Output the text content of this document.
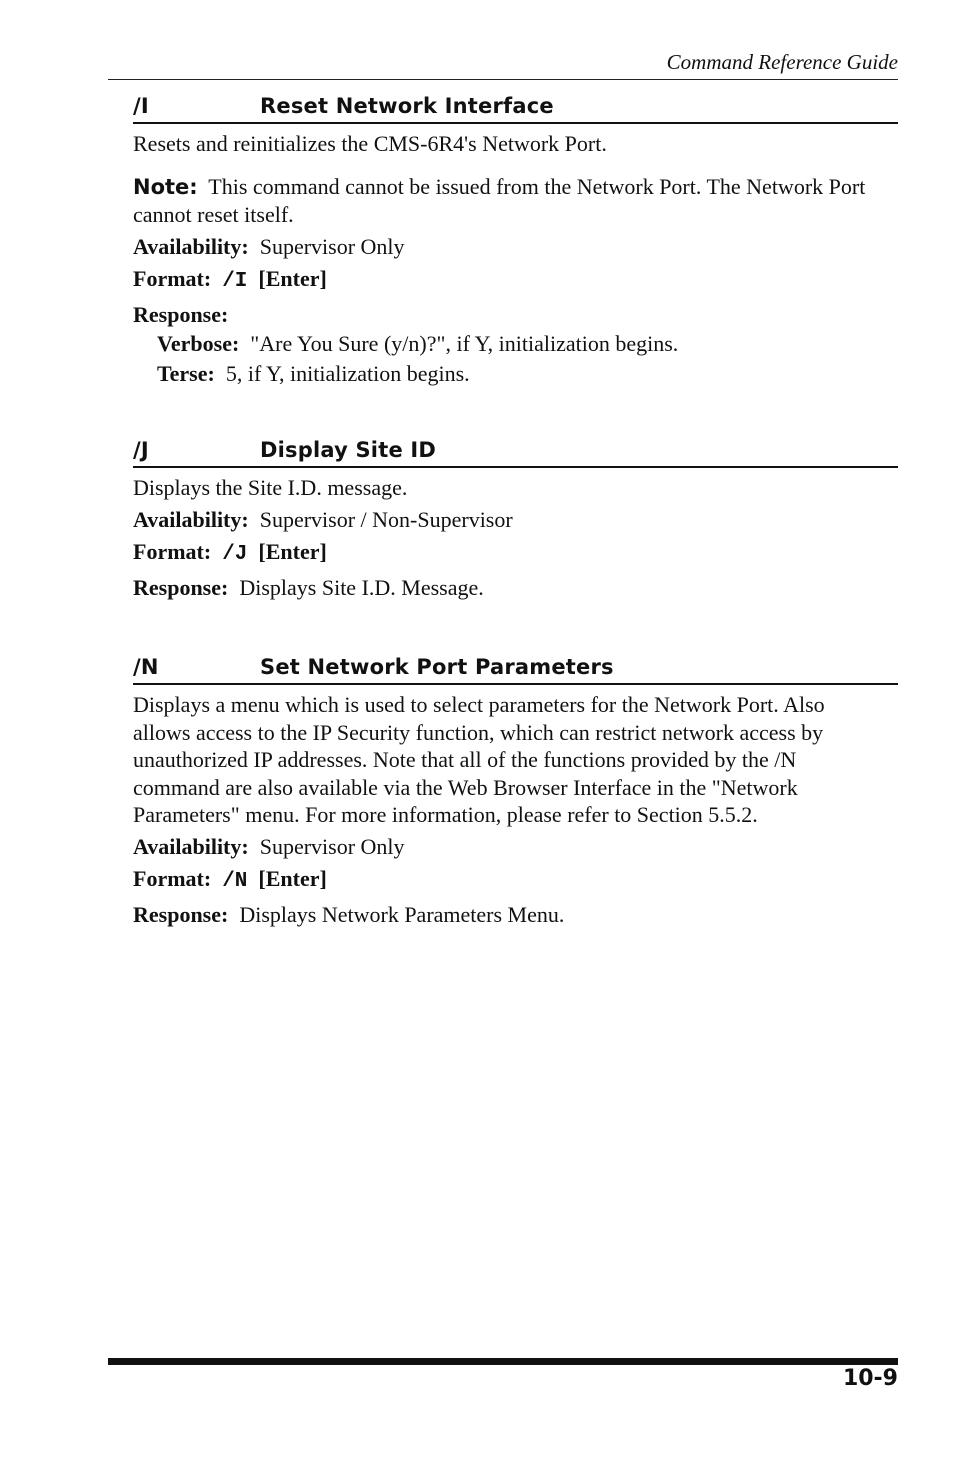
Command Reference Guide
/I	Reset Network Interface

Resets and reinitializes the CMS-6R4's Network Port.

Note: This command cannot be issued from the Network Port. The Network Port cannot reset itself.

Availability: Supervisor Only

Format: /I [Enter]

Response:

Verbose: "Are You Sure (y/n)?", if Y, initialization begins.

Terse: 5, if Y, initialization begins.

/J	Display Site ID

Displays the Site I.D. message.

Availability: Supervisor / Non-Supervisor

Format: /J [Enter]

Response: Displays Site I.D. Message.

/N	Set Network Port Parameters
Displays a menu which is used to select parameters for the Network Port. Also
allows access to the IP Security function, which can restrict network access by
unauthorized IP addresses. Note that all of the functions provided by the /N
command are also available via the Web Browser Interface in the "Network
Parameters" menu. For more information, please refer to Section 5.5.2.

Availability: Supervisor Only

Format: /N [Enter]

Response: Displays Network Parameters Menu.

10-9
